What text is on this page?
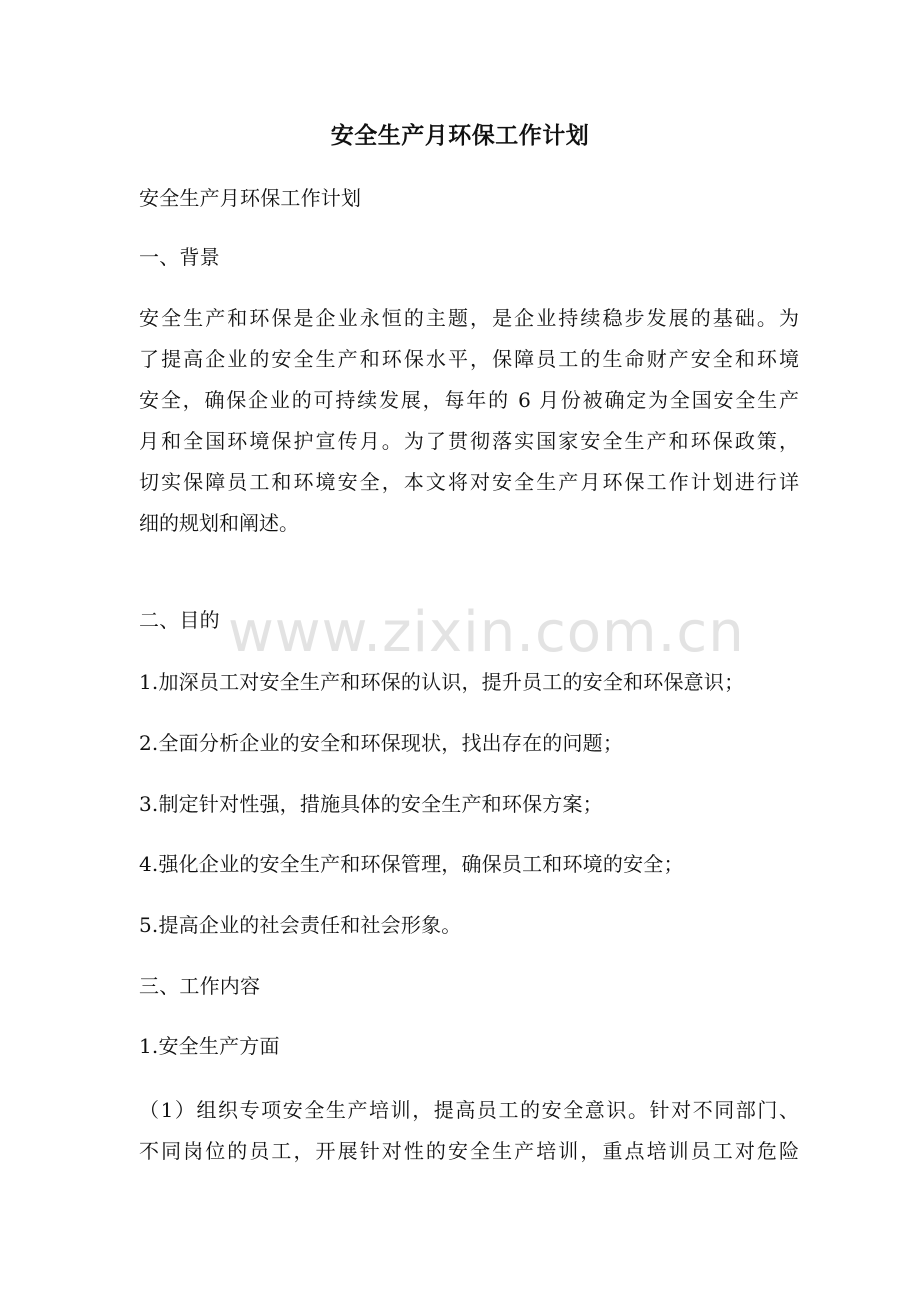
安全生产月环保工作计划
安全生产月环保工作计划
一、背景
安全生产和环保是企业永恒的主题，是企业持续稳步发展的基础。为
了提高企业的安全生产和环保水平，保障员工的生命财产安全和环境
安全，确保企业的可持续发展，每年的 6 月份被确定为全国安全生产
月和全国环境保护宣传月。为了贯彻落实国家安全生产和环保政策，
切实保障员工和环境安全，本文将对安全生产月环保工作计划进行详
细的规划和阐述。
二、目的
1.加深员工对安全生产和环保的认识，提升员工的安全和环保意识；
2.全面分析企业的安全和环保现状，找出存在的问题；
3.制定针对性强，措施具体的安全生产和环保方案；
4.强化企业的安全生产和环保管理，确保员工和环境的安全；
5.提高企业的社会责任和社会形象。
三、工作内容
1.安全生产方面
（1）组织专项安全生产培训，提高员工的安全意识。针对不同部门、
不同岗位的员工，开展针对性的安全生产培训，重点培训员工对危险
www.zixin.com.cn
